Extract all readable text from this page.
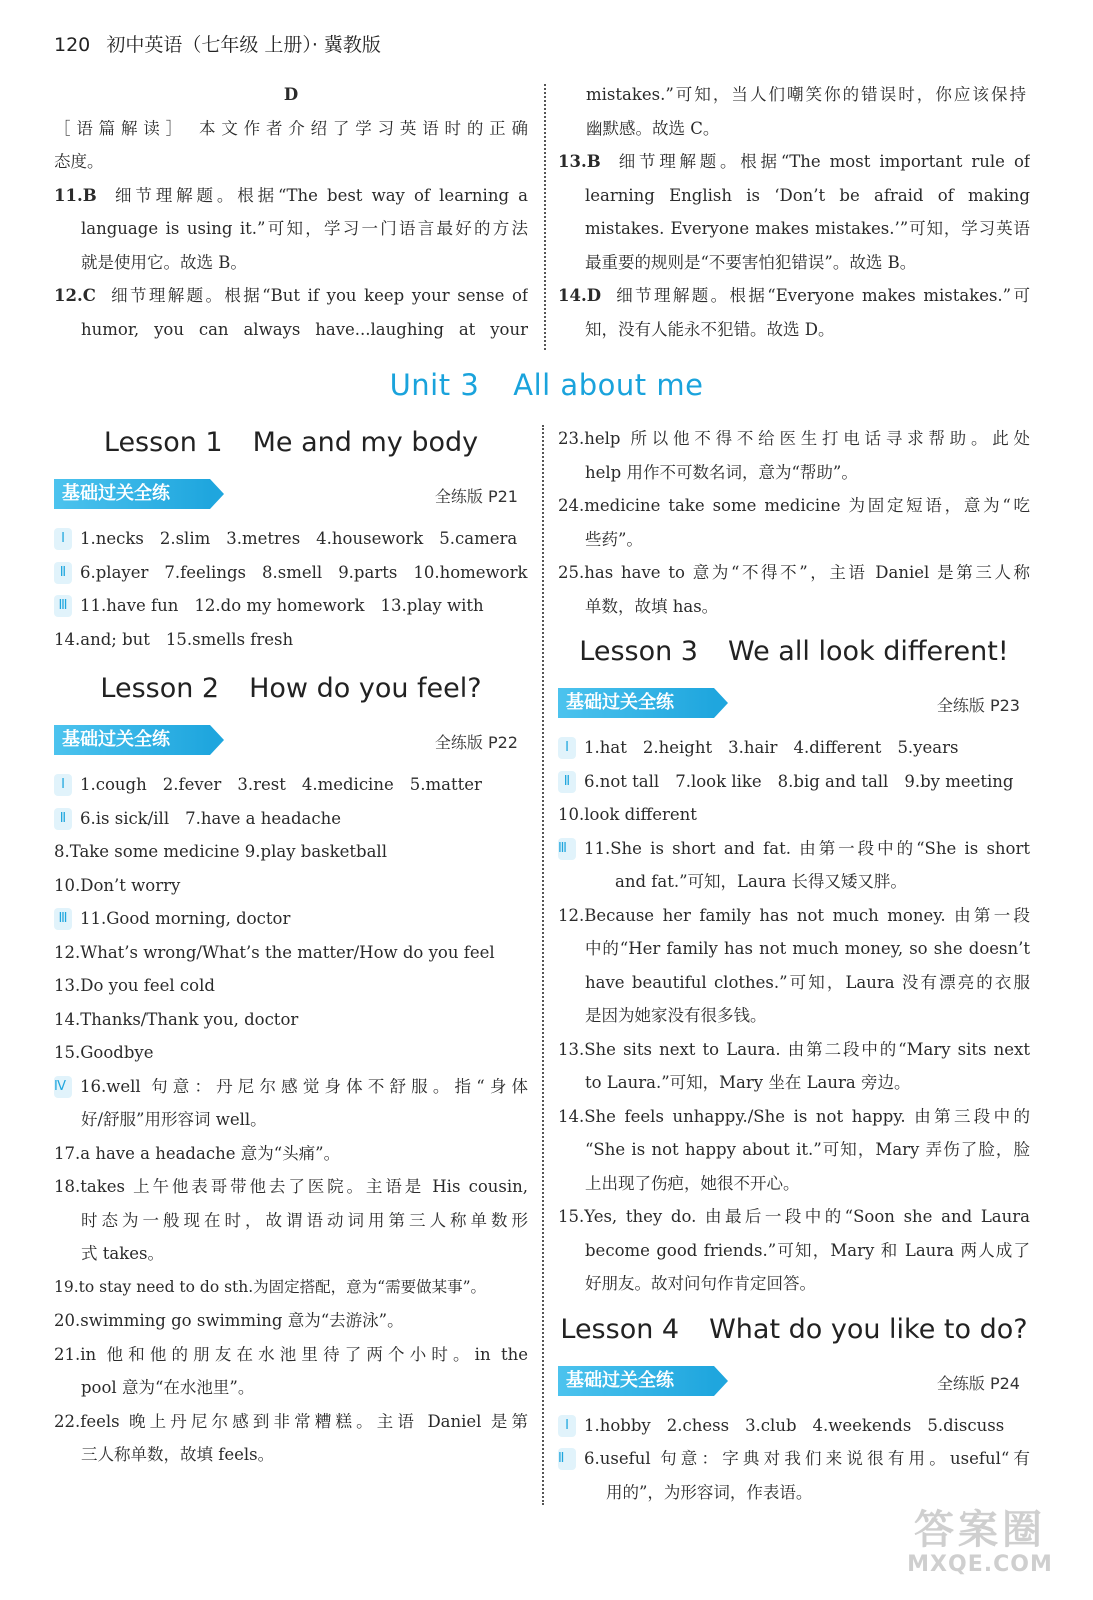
120 初中英语（七年级 上册）· 冀教版
D
［语篇解读］ 本文作者介绍了学习英语时的正确
态度。
11.B 细节理解题。根据“The best way of learning a
language is using it.”可知，学习一门语言最好的方法
就是使用它。故选 B。
12.C 细节理解题。根据“But if you keep your sense of
humor, you can always have...laughing at your
mistakes.”可知，当人们嘲笑你的错误时，你应该保持
幽默感。故选 C。
13.B 细节理解题。根据“The most important rule of
learning English is ‘Don’t be afraid of making
mistakes. Everyone makes mistakes.’”可知，学习英语
最重要的规则是“不要害怕犯错误”。故选 B。
14.D 细节理解题。根据“Everyone makes mistakes.”可
知，没有人能永不犯错。故选 D。
Unit 3 All about me
Lesson 1 Me and my body
基础过关全练	全练版 P21
Ⅰ 1.necks 2.slim 3.metres 4.housework 5.camera
Ⅱ 6.player 7.feelings 8.smell 9.parts 10.homework
Ⅲ 11.have fun 12.do my homework 13.play with
14.and; but 15.smells fresh
Lesson 2 How do you feel?
基础过关全练	全练版 P22
Ⅰ 1.cough 2.fever 3.rest 4.medicine 5.matter
Ⅱ 6.is sick/ill 7.have a headache
8.Take some medicine 9.play basketball
10.Don’t worry
Ⅲ 11.Good morning, doctor
12.What’s wrong/What’s the matter/How do you feel
13.Do you feel cold
14.Thanks/Thank you, doctor
15.Goodbye
Ⅳ 16.well 句意：丹尼尔感觉身体不舒服。指“身体
好/舒服”用形容词 well。
17.a have a headache 意为“头痛”。
18.takes 上午他表哥带他去了医院。主语是 His cousin,
时态为一般现在时，故谓语动词用第三人称单数形
式 takes。
19.to stay need to do sth.为固定搭配，意为“需要做某事”。
20.swimming go swimming 意为“去游泳”。
21.in 他和他的朋友在水池里待了两个小时。in the
pool 意为“在水池里”。
22.feels 晚上丹尼尔感到非常糟糕。主语 Daniel 是第
三人称单数，故填 feels。
23.help 所以他不得不给医生打电话寻求帮助。此处
help 用作不可数名词，意为“帮助”。
24.medicine take some medicine 为固定短语，意为“吃
些药”。
25.has have to 意为“不得不”，主语 Daniel 是第三人称
单数，故填 has。
Lesson 3 We all look different!
基础过关全练	全练版 P23
Ⅰ 1.hat 2.height 3.hair 4.different 5.years
Ⅱ 6.not tall 7.look like 8.big and tall 9.by meeting
10.look different
Ⅲ 11.She is short and fat. 由第一段中的“She is short
and fat.”可知，Laura 长得又矮又胖。
12.Because her family has not much money. 由第一段
中的“Her family has not much money, so she doesn’t
have beautiful clothes.”可知，Laura 没有漂亮的衣服
是因为她家没有很多钱。
13.She sits next to Laura. 由第二段中的“Mary sits next
to Laura.”可知，Mary 坐在 Laura 旁边。
14.She feels unhappy./She is not happy. 由第三段中的
“She is not happy about it.”可知，Mary 弄伤了脸，脸
上出现了伤疤，她很不开心。
15.Yes, they do. 由最后一段中的“Soon she and Laura
become good friends.”可知，Mary 和 Laura 两人成了
好朋友。故对问句作肯定回答。
Lesson 4 What do you like to do?
基础过关全练	全练版 P24
Ⅰ 1.hobby 2.chess 3.club 4.weekends 5.discuss
Ⅱ 6.useful 句意：字典对我们来说很有用。useful“有
用的”，为形容词，作表语。
答案圈
MXQE.COM
